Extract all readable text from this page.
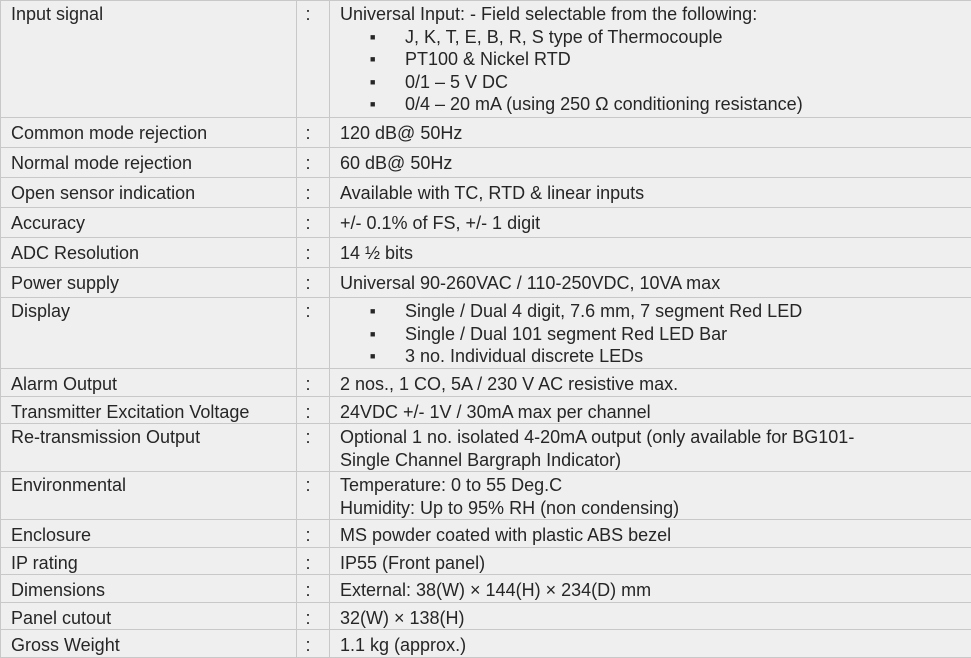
Input signal	:	Universal Input: - Field selectable from the following:
■ J, K, T, E, B, R, S type of Thermocouple
■ PT100 & Nickel RTD
■ 0/1 – 5 V DC
■ 0/4 – 20 mA (using 250 Ω conditioning resistance)

Common mode rejection	:	120 dB@ 50Hz

Normal mode rejection	:	60 dB@ 50Hz

Open sensor indication	:	Available with TC, RTD & linear inputs

Accuracy	:	+/- 0.1% of FS, +/- 1 digit

ADC Resolution	:	14 ½ bits

Power supply	:	Universal 90-260VAC / 110-250VDC, 10VA max

Display	:	■ Single / Dual 4 digit, 7.6 mm, 7 segment Red LED
■ Single / Dual 101 segment Red LED Bar
■ 3 no. Individual discrete LEDs

Alarm Output	:	2 nos., 1 CO, 5A / 230 V AC resistive max.

Transmitter Excitation Voltage	:	24VDC +/- 1V / 30mA max per channel

Re-transmission Output	:	Optional 1 no. isolated 4-20mA output (only available for BG101-
Single Channel Bargraph Indicator)

Environmental	:	Temperature: 0 to 55 Deg.C
Humidity: Up to 95% RH (non condensing)

Enclosure	:	MS powder coated with plastic ABS bezel

IP rating	:	IP55 (Front panel)

Dimensions	:	External: 38(W) × 144(H) × 234(D) mm

Panel cutout	:	32(W) × 138(H)

Gross Weight	:	1.1 kg (approx.)
